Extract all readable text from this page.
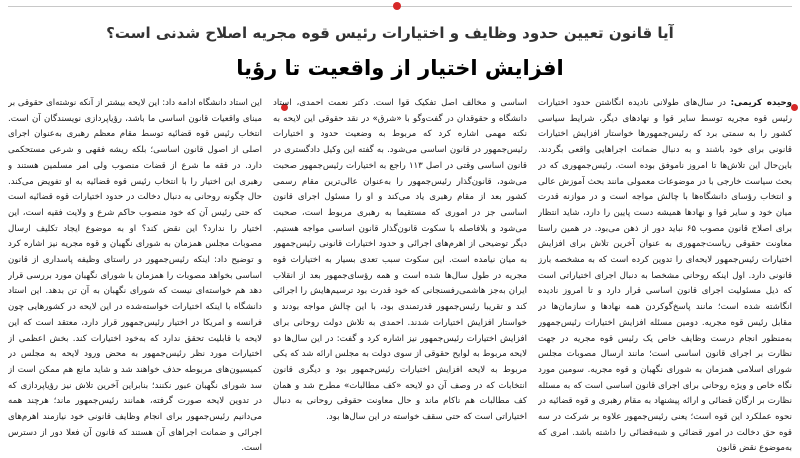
آیا قانون تعیین حدود وظایف و اختیارات رئیس قوه مجریه اصلاح شدنی است؟
افزایش اختیار از واقعیت تا رؤیا

وحیده کریمی: در سال‌های طولانی نادیده انگاشتن حدود اختیارات رئیس قوه مجریه توسط سایر قوا و نهادهای دیگر، شرایط سیاسی کشور را به سمتی برد که رئیس‌جمهورها خواستار افزایش اختیارات قانونی برای خود باشند و به دنبال ضمانت اجراهایی واقعی بگردند. باین‌حال این تلاش‌ها تا امروز ناموفق بوده است. رئیس‌جمهوری که در بحث سیاست خارجی با در موضوعات معمولی مانند بحث آموزش عالی و انتخاب رؤسای دانشگاه‌ها با چالش مواجه است و در موازنه قدرت میان خود و سایر قوا و نهادها همیشه دست پایین را دارد، شاید انتظار برای اصلاح قانون مصوب ۶۵ نباید دور از ذهن می‌بود. در همین راستا معاونت حقوقی ریاست‌جمهوری به عنوان آخرین تلاش برای افزایش اختیارات رئیس‌جمهور لایحه‌ای را تدوین کرده است که به مشخصه بارز قانونی دارد. اول اینکه روحانی مشخصا به دنبال اجرای اختیاراتی است که ذیل مسئولیت اجرای قانون اساسی قرار دارد و تا امروز نادیده انگاشته شده است؛ مانند پاسخ‌گوکردن همه نهادها و سازمان‌ها در مقابل رئیس قوه مجریه. دومین مسئله افزایش اختیارات رئیس‌جمهور به‌منظور انجام درست وظایف خاص یک رئیس قوه مجریه در جهت نظارت بر اجرای قانون اساسی است؛ مانند ارسال مصوبات مجلس شورای اسلامی همزمان به شورای نگهبان و قوه مجریه. سومین مورد نگاه خاص و ویژه روحانی برای اجرای قانون اساسی است که به مسئله نظارت بر ارگان قضائی و ارائه پیشنهاد به مقام رهبری و قوه قضائیه در نحوه عملکرد این قوه است؛ یعنی رئیس‌جمهور علاوه بر شرکت در سه قوه حق دخالت در امور قضائی و شبه‌قضائی را داشته باشد. امری که به‌موضوع نقض قانون

اساسی و مخالف اصل تفکیک قوا است. دکتر نعمت احمدی، استاد دانشگاه و حقوقدان در گفت‌وگو با «شرق» در نقد حقوقی این لایحه به نکته مهمی اشاره کرد که مربوط به وضعیت حدود و اختیارات رئیس‌جمهور در قانون اساسی می‌شود. به گفته این وکیل دادگستری در قانون اساسی وقتی در اصل ۱۱۳ راجع به اختیارات رئیس‌جمهور صحبت می‌شود، قانون‌گذار رئیس‌جمهور را به‌عنوان عالی‌ترین مقام رسمی کشور بعد از مقام رهبری یاد می‌کند و او را مسئول اجرای قانون اساسی جز در اموری که مستقیما به رهبری مربوط است، صحبت می‌شود و بلافاصله با سکوت قانون‌گذار قانون اساسی مواجه هستیم. دیگر توضیحی از اهرم‌های اجرائی و حدود اختیارات قانونی رئیس‌جمهور به میان نیامده است. این سکوت سبب تعدی بسیار به اختیارات قوه مجریه در طول سال‌ها شده است و همه رؤسای‌جمهور بعد از انقلاب ایران به‌جز هاشمی‌رفسنجانی که خود قدرت بود ترسیم‌هایش را اجرائی کند و تقریبا رئیس‌جمهور قدرتمندی بود، با این چالش مواجه بودند و خواستار افزایش اختیارات شدند. احمدی به تلاش دولت روحانی برای افزایش اختیارات رئیس‌جمهور نیز اشاره کرد و گفت: در این سال‌ها دو لایحه مربوط به لوایح حقوقی از سوی دولت به مجلس ارائه شد که یکی مربوط به لایحه افزایش اختیارات رئیس‌جمهور بود و دیگری قانون انتخابات که در وصف آن دو لایحه «کف مطالبات» مطرح شد و همان کف مطالبات هم ناکام ماند و حال معاونت حقوقی روحانی به دنبال اختیاراتی است که حتی سقف خواسته در این سال‌ها بود.

این استاد دانشگاه ادامه داد: این لایحه بیشتر از آنکه نوشته‌ای حقوقی بر مبنای واقعیات قانون اساسی ما باشد، رؤیاپردازی نویسندگان آن است. انتخاب رئیس قوه قضائیه توسط مقام معظم رهبری به‌عنوان اجرای اصلی از اصول قانون اساسی؛ بلکه ریشه فقهی و شرعی مستحکمی دارد. در فقه ما شرع از قضات منصوب ولی امر مسلمین هستند و رهبری این اختیار را با انتخاب رئیس قوه قضائیه به او تفویض می‌کند. حال چگونه روحانی به دنبال دخالت در حدود اختیارات قوه قضائیه است که حتی رئیس آن که خود منصوب حاکم شرع و ولایت فقیه است، این اختیار را ندارد؟ این نقض کند؟ او به موضوع ایجاد تکلیف ارسال مصوبات مجلس همزمان به شورای نگهبان و قوه مجریه نیز اشاره کرد و توضیح داد: اینکه رئیس‌جمهور در راستای وظیفه پاسداری از قانون اساسی بخواهد مصوبات را همزمان با شورای نگهبان مورد بررسی قرار دهد هم خواسته‌ای نیست که شورای نگهبان به آن تن بدهد. این استاد دانشگاه با اینکه اختیارات خواسته‌شده در این لایحه در کشورهایی چون فرانسه و امریکا در اختیار رئیس‌جمهور قرار دارد، معتقد است که این لایحه با قابلیت تحقق ندارد که به‌خود اختیارات کند. بخش اعظمی از اختیارات مورد نظر رئیس‌جمهور به محض ورود لایحه به مجلس در کمیسیون‌های مربوطه حذف خواهند شد و شاید مانع هم ممکن است از سد شورای نگهبان عبور نکنند؛ بنابراین آخرین تلاش نیز رؤیاپردازی که در تدوین لایحه صورت گرفته، همانند رئیس‌جمهور ماند؛ هرچند همه می‌دانیم رئیس‌جمهور برای انجام وظایف قانونی خود نیازمند اهرم‌های اجرائی و ضمانت اجراهای آن هستند که قانون آن فعلا دور از دسترس است.
